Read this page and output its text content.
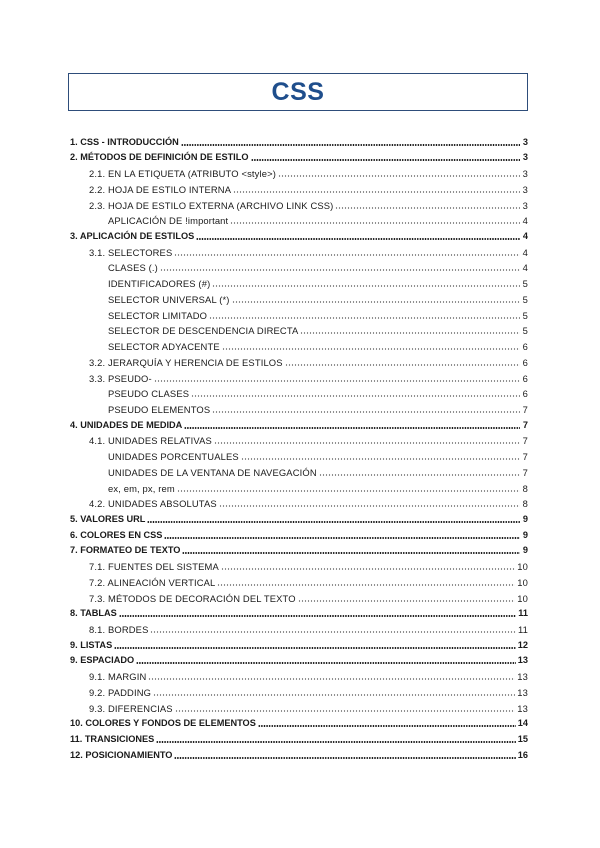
CSS
1. CSS - INTRODUCCIÓN	3
2. MÉTODOS DE DEFINICIÓN DE ESTILO	3
2.1. EN LA ETIQUETA (ATRIBUTO <style>)	3
2.2. HOJA DE ESTILO INTERNA	3
2.3. HOJA DE ESTILO EXTERNA (ARCHIVO LINK CSS)	3
APLICACIÓN DE !important	4
3. APLICACIÓN DE ESTILOS	4
3.1. SELECTORES	4
CLASES (.)	4
IDENTIFICADORES (#)	5
SELECTOR UNIVERSAL (*)	5
SELECTOR LIMITADO	5
SELECTOR DE DESCENDENCIA DIRECTA	5
SELECTOR ADYACENTE	6
3.2. JERARQUÍA Y HERENCIA DE ESTILOS	6
3.3. PSEUDO-	6
PSEUDO CLASES	6
PSEUDO ELEMENTOS	7
4. UNIDADES DE MEDIDA	7
4.1. UNIDADES RELATIVAS	7
UNIDADES PORCENTUALES	7
UNIDADES DE LA VENTANA DE NAVEGACIÓN	7
ex, em, px, rem	8
4.2. UNIDADES ABSOLUTAS	8
5. VALORES URL	9
6. COLORES EN CSS	9
7. FORMATEO DE TEXTO	9
7.1. FUENTES DEL SISTEMA	10
7.2. ALINEACIÓN VERTICAL	10
7.3. MÉTODOS DE DECORACIÓN DEL TEXTO	10
8. TABLAS	11
8.1. BORDES	11
9. LISTAS	12
9. ESPACIADO	13
9.1. MARGIN	13
9.2. PADDING	13
9.3. DIFERENCIAS	13
10. COLORES Y FONDOS DE ELEMENTOS	14
11. TRANSICIONES	15
12. POSICIONAMIENTO	16
